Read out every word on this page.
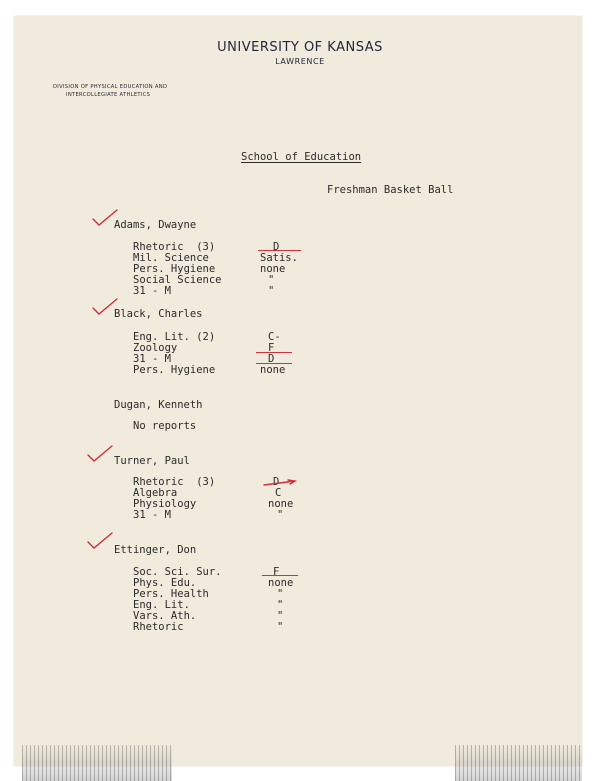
UNIVERSITY OF KANSAS
LAWRENCE
DIVISION OF PHYSICAL EDUCATION AND
INTERCOLLEGIATE ATHLETICS
School of Education
Freshman Basket Ball
Adams, Dwayne
Rhetoric  (3)	D
Mil. Science	Satis.
Pers. Hygiene	none
Social Science	"
31 - M	"
Black, Charles
Eng. Lit. (2)	C-
Zoology	F
31 - M	D
Pers. Hygiene	none
Dugan, Kenneth
No reports
Turner, Paul
Rhetoric  (3)	D
Algebra	C
Physiology	none
31 - M	"
Ettinger, Don
Soc. Sci. Sur.	F
Phys. Edu.	none
Pers. Health	"
Eng. Lit.	"
Vars. Ath.	"
Rhetoric	"
